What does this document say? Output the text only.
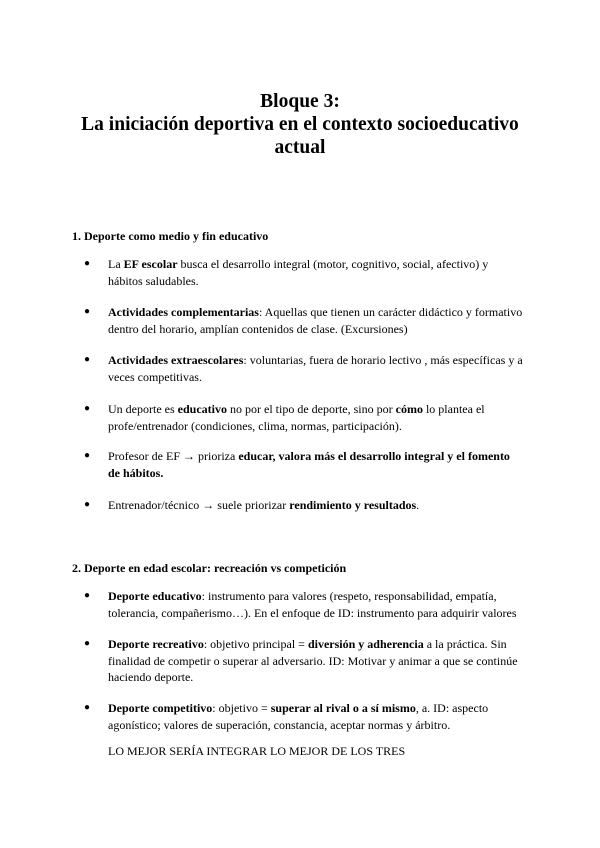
Bloque 3:
La iniciación deportiva en el contexto socioeducativo
actual
1. Deporte como medio y fin educativo
●	La EF escolar busca el desarrollo integral (motor, cognitivo, social, afectivo) y hábitos saludables.
●	Actividades complementarias: Aquellas que tienen un carácter didáctico y formativo dentro del horario, amplían contenidos de clase. (Excursiones)
●	Actividades extraescolares: voluntarias, fuera de horario lectivo , más específicas y a veces competitivas.
●	Un deporte es educativo no por el tipo de deporte, sino por cómo lo plantea el profe/entrenador (condiciones, clima, normas, participación).
●	Profesor de EF → prioriza educar, valora más el desarrollo integral y el fomento de hábitos.
●	Entrenador/técnico → suele priorizar rendimiento y resultados.
2. Deporte en edad escolar: recreación vs competición
●	Deporte educativo: instrumento para valores (respeto, responsabilidad, empatía, tolerancia, compañerismo…). En el enfoque de ID: instrumento para adquirir valores
●	Deporte recreativo: objetivo principal = diversión y adherencia a la práctica. Sin finalidad de competir o superar al adversario. ID: Motivar y animar a que se continúe haciendo deporte.
●	Deporte competitivo: objetivo = superar al rival o a sí mismo, a. ID: aspecto agonístico; valores de superación, constancia, aceptar normas y árbitro.
LO MEJOR SERÍA INTEGRAR LO MEJOR DE LOS TRES
